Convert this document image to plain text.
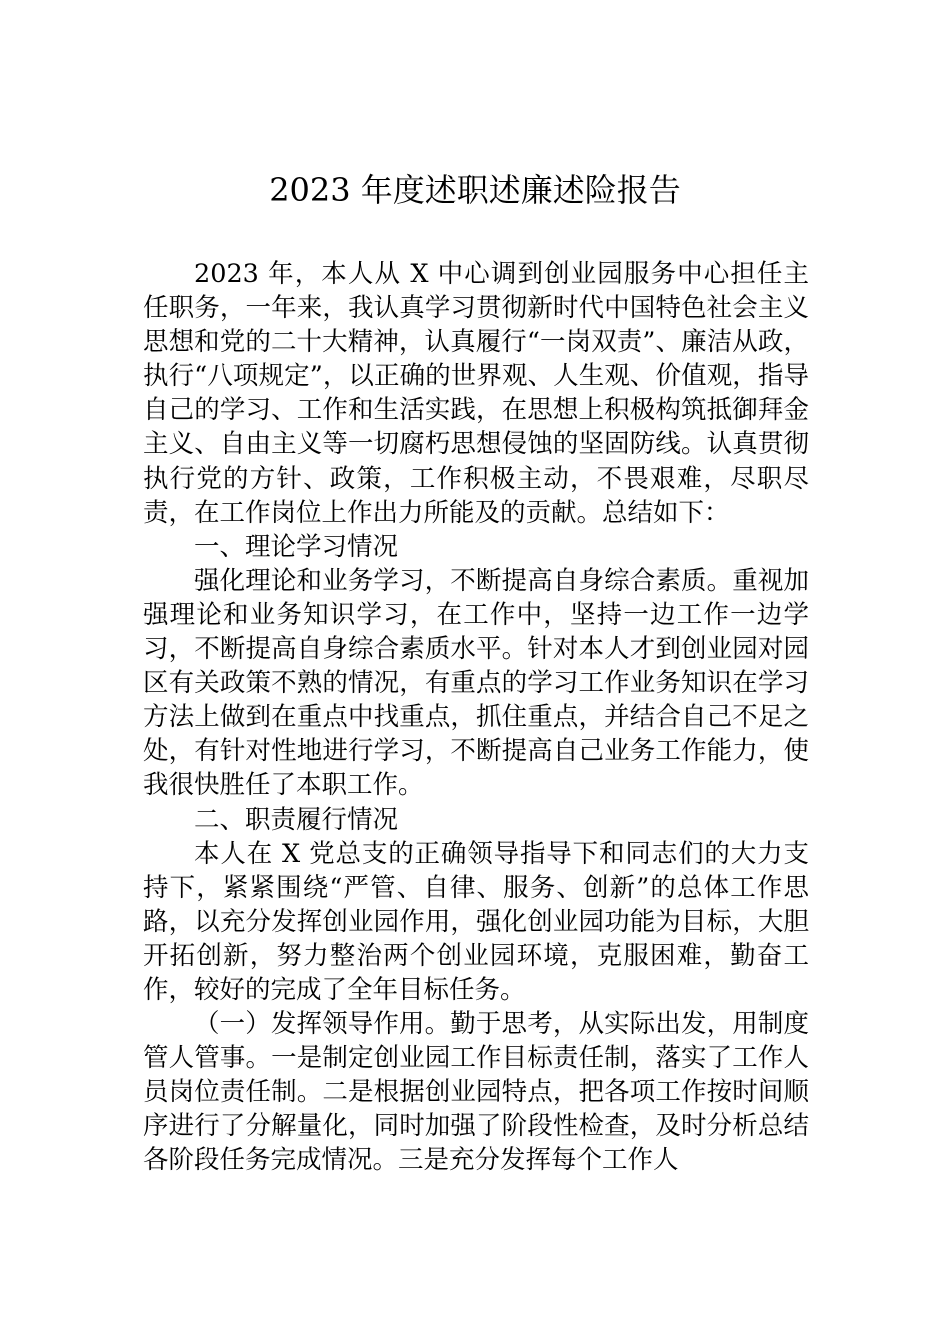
2023 年度述职述廉述险报告

2023 年，本人从 X 中心调到创业园服务中心担任主任职务，一年来，我认真学习贯彻新时代中国特色社会主义思想和党的二十大精神，认真履行“一岗双责”、廉洁从政，执行“八项规定”，以正确的世界观、人生观、价值观，指导自己的学习、工作和生活实践，在思想上积极构筑抵御拜金主义、自由主义等一切腐朽思想侵蚀的坚固防线。认真贯彻执行党的方针、政策，工作积极主动，不畏艰难，尽职尽责，在工作岗位上作出力所能及的贡献。总结如下：

一、理论学习情况

强化理论和业务学习，不断提高自身综合素质。重视加强理论和业务知识学习，在工作中，坚持一边工作一边学习，不断提高自身综合素质水平。针对本人才到创业园对园区有关政策不熟的情况，有重点的学习工作业务知识在学习方法上做到在重点中找重点，抓住重点，并结合自己不足之处，有针对性地进行学习，不断提高自己业务工作能力，使我很快胜任了本职工作。

二、职责履行情况

本人在 X 党总支的正确领导指导下和同志们的大力支持下，紧紧围绕“严管、自律、服务、创新”的总体工作思路，以充分发挥创业园作用，强化创业园功能为目标，大胆开拓创新，努力整治两个创业园环境，克服困难，勤奋工作，较好的完成了全年目标任务。

（一）发挥领导作用。勤于思考，从实际出发，用制度管人管事。一是制定创业园工作目标责任制，落实了工作人员岗位责任制。二是根据创业园特点，把各项工作按时间顺序进行了分解量化，同时加强了阶段性检查，及时分析总结各阶段任务完成情况。三是充分发挥每个工作人
